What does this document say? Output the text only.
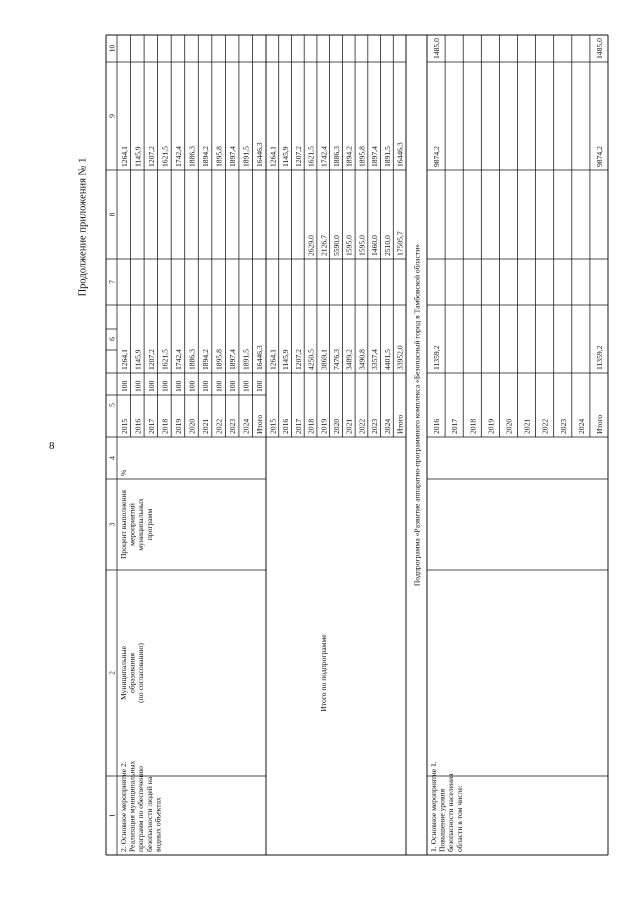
8
Продолжение приложения № 1
10
9
8
7
6
5
4
3
2
1
2015
100
1264,1
1264,1
2016
100
1145,9
1145,9
2017
100
1207,2
1207,2
2018
100
1621,5
1621,5
2019
100
1742,4
1742,4
2020
100
1886,3
1886,3
2021
100
1894,2
1894,2
2022
100
1895,8
1895,8
2023
100
1897,4
1897,4
2024
100
1891,5
1891,5
Итого
100
16446,3
16446,3
2. Основное мероприятие 2. Реализация муниципальных программ по обеспечению безопасности людей на водных объектах
Муниципальные образования (по согласованию)
Процент выполнения мероприятий муниципальных программ
%
2015
1264,1
1264,1
2016
1145,9
1145,9
2017
1207,2
1207,2
2018
4250,5
2629,0
1621,5
2019
3869,1
2126,7
1742,4
2020
7476,3
5590,0
1886,3
2021
3489,2
1595,0
1894,2
2022
3490,8
1595,0
1895,8
2023
3357,4
1460,0
1897,4
2024
4401,5
2510,0
1891,5
Итого
33952,0
17505,7
16446,3
Итого по подпрограмме
Подпрограмма «Развитие аппаратно-программного комплекса «Безопасный город в Тамбовской области» 2016
11359,2
9874,2
1485,0
2017 2018 2019 2020 2021 2022 2023 2024 Итого
11359,2
9874,2
1485,0
1. Основное мероприятие 1. Повышение уровня безопасности населения области в том числе:
